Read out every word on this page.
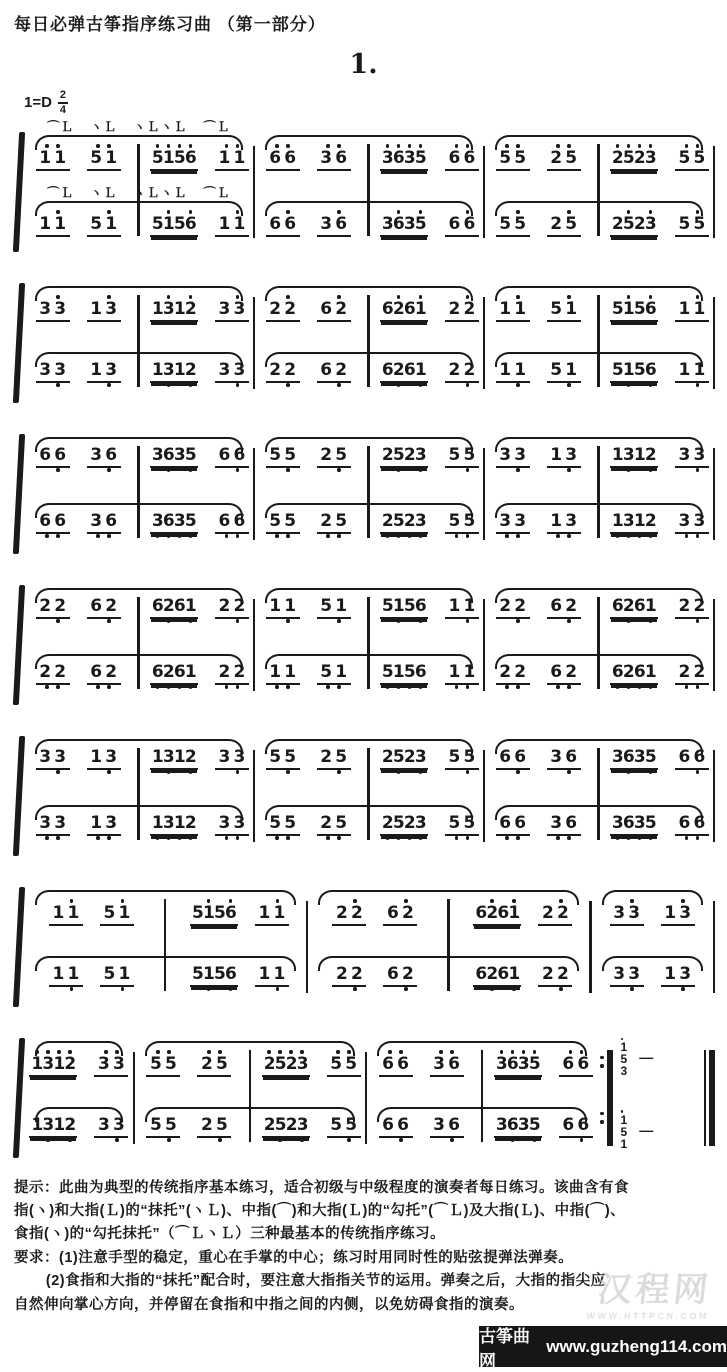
每日必弹古筝指序练习曲 （第一部分）
1.
$1=D \frac{2}{4}$
⌒Ｌ ヽＬ ヽＬヽＬ ⌒Ｌ
⌒Ｌ ヽＬ ヽＬヽＬ ⌒Ｌ
1 1 5 1 5 1 5 6 1 1
1 1 5 1 5 1 5 6 1 1
6 6 3 6 3 6 3 5 6 6
6 6 3 6 3 6 3 5 6 6
5 5 2 5 2 5 2 3 5 5
5 5 2 5 2 5 2 3 5 5
3 3 1 3 1 3 1 2 3 3
3 3 1 3 1 3 1 2 3 3
2 2 6 2 6 2 6 1 2 2
2 2 6 2 6 2 6 1 2 2
1 1 5 1 5 1 5 6 1 1
1 1 5 1 5 1 5 6 1 1
6 6 3 6 3 6 3 5 6 6
6 6 3 6 3 6 3 5 6 6
5 5 2 5 2 5 2 3 5 5
5 5 2 5 2 5 2 3 5 5
3 3 1 3 1 3 1 2 3 3
3 3 1 3 1 3 1 2 3 3
2 2 6 2 6 2 6 1 2 2
2 2 6 2 6 2 6 1 2 2
1 1 5 1 5 1 5 6 1 1
1 1 5 1 5 1 5 6 1 1
2 2 6 2 6 2 6 1 2 2
2 2 6 2 6 2 6 1 2 2
3 3 1 3 1 3 1 2 3 3
3 3 1 3 1 3 1 2 3 3
5 5 2 5 2 5 2 3 5 5
5 5 2 5 2 5 2 3 5 5
6 6 3 6 3 6 3 5 6 6
6 6 3 6 3 6 3 5 6 6
1 1 5 1	5 1 5 6 1 1
1 1 5 1	5 1 5 6 1 1
2 2 6 2	6 2 6 1 2 2
2 2 6 2	6 2 6 1 2 2
3 3 1 3
3 3 1 3
1 3 1 2 3 3
1 3 1 2 3 3
5 5 2 5 2 5 2 3 5 5
5 5 2 5 2 5 2 3 5 5
6 6 3 6 3 6 3 5 6 6
6 6 3 6 3 6 3 5 6 6
1
5
3
—
1
5
1
—

提示：此曲为典型的传统指序基本练习，适合初级与中级程度的演奏者每日练习。该曲含有食

指(ヽ)和大指(Ｌ)的“抹托”(ヽＬ)、中指(⌒)和大指(Ｌ)的“勾托”(⌒Ｌ)及大指(Ｌ)、中指(⌒)、

食指(ヽ)的“勾托抹托”（⌒ＬヽＬ）三种最基本的传统指序练习。

要求：(1)注意手型的稳定，重心在手掌的中心；练习时用同时性的贴弦提弹法弹奏。

(2)食指和大指的“抹托”配合时，要注意大指指关节的运用。弹奏之后，大指的指尖应

自然伸向掌心方向，并停留在食指和中指之间的内侧，以免妨碍食指的演奏。	汉程网
WWW.HTTPCN.COM
古筝曲网
www.guzheng114.com
